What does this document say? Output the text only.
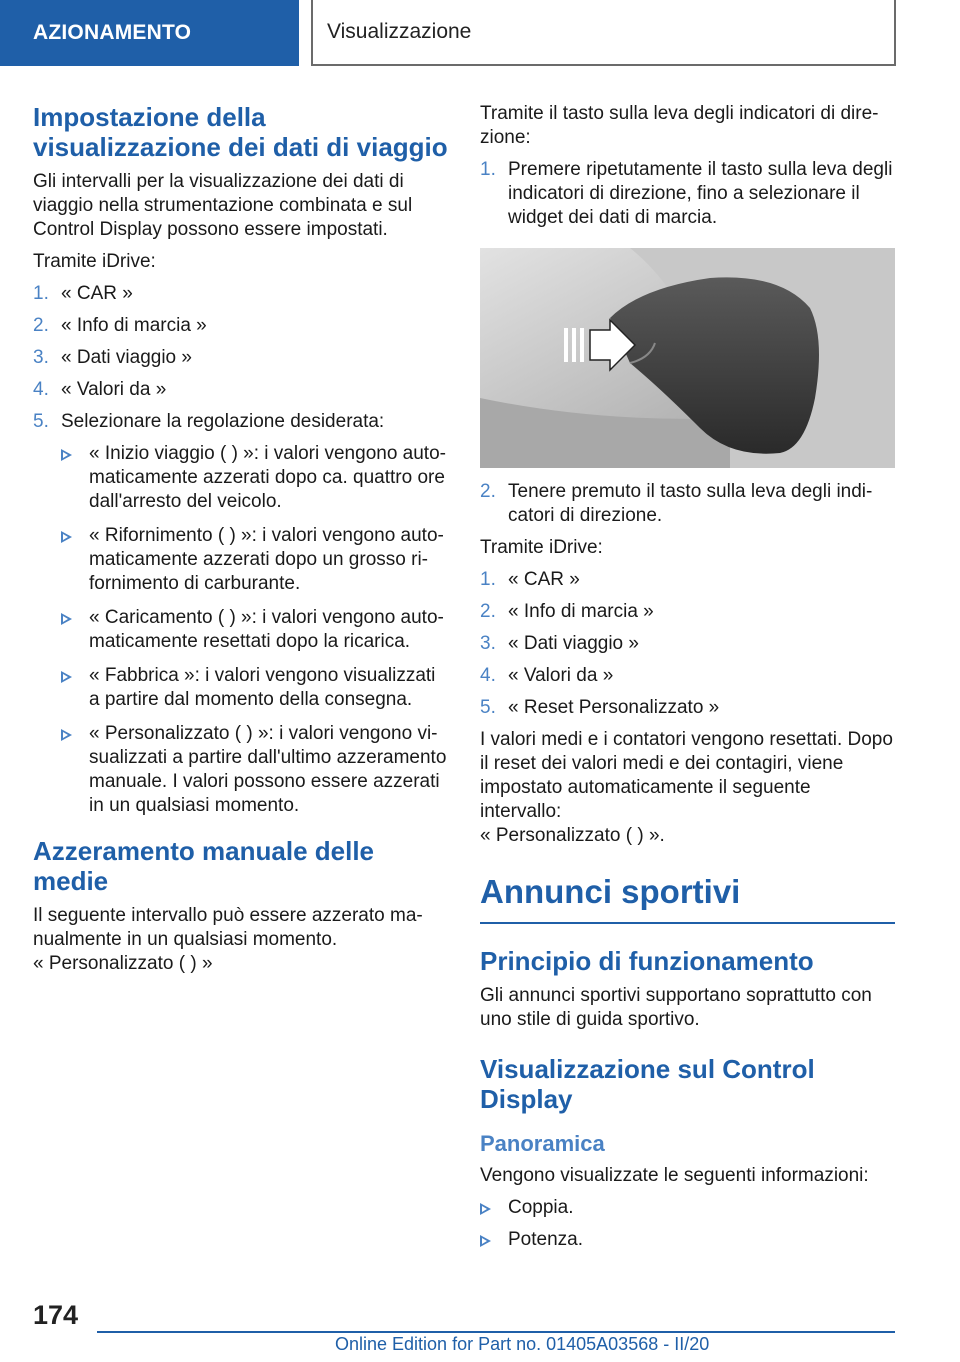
AZIONAMENTO	Visualizzazione
Impostazione della visualizzazione dei dati di viaggio

Gli intervalli per la visualizzazione dei dati di viaggio nella strumentazione combinata e sul Control Display possono essere impostati.

Tramite iDrive:

1. « CAR »
2. « Info di marcia »
3. « Dati viaggio »
4. « Valori da »
5. Selezionare la regolazione desiderata:
« Inizio viaggio ( ) »: i valori vengono automaticamente azzerati dopo ca. quattro ore dall'arresto del veicolo.
« Rifornimento ( ) »: i valori vengono automaticamente azzerati dopo un grosso rifornimento di carburante.
« Caricamento ( ) »: i valori vengono automaticamente resettati dopo la ricarica.
« Fabbrica »: i valori vengono visualizzati a partire dal momento della consegna.
« Personalizzato ( ) »: i valori vengono visualizzati a partire dall'ultimo azzeramento manuale. I valori possono essere azzerati in un qualsiasi momento.
Azzeramento manuale delle medie

Il seguente intervallo può essere azzerato manualmente in un qualsiasi momento.

« Personalizzato ( ) »

Tramite il tasto sulla leva degli indicatori di direzione:

1. Premere ripetutamente il tasto sulla leva degli indicatori di direzione, fino a selezionare il widget dei dati di marcia.
2. Tenere premuto il tasto sulla leva degli indicatori di direzione.

Tramite iDrive:

1. « CAR »
2. « Info di marcia »
3. « Dati viaggio »
4. « Valori da »
5. « Reset Personalizzato »

I valori medi e i contatori vengono resettati. Dopo il reset dei valori medi e dei contagiri, viene impostato automaticamente il seguente intervallo:

« Personalizzato ( ) ».

Annunci sportivi
Principio di funzionamento

Gli annunci sportivi supportano soprattutto con uno stile di guida sportivo.

Visualizzazione sul Control Display
Panoramica

Vengono visualizzate le seguenti informazioni:

Coppia.
Potenza.
174
Online Edition for Part no. 01405A03568 - II/20
